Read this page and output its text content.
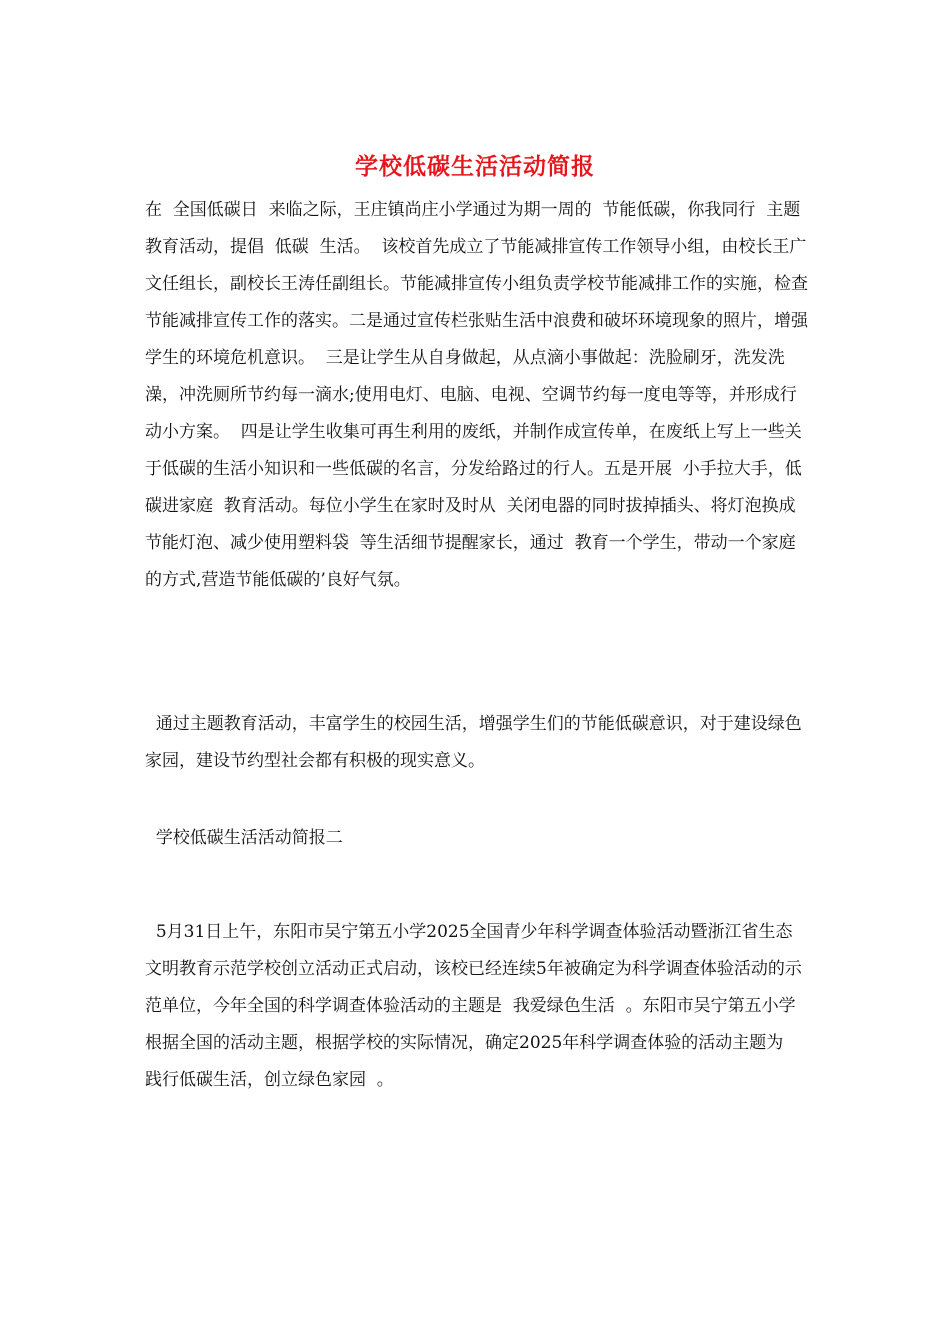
学校低碳生活活动简报

在  全国低碳日  来临之际，王庄镇尚庄小学通过为期一周的  节能低碳，你我同行  主题教育活动，提倡  低碳  生活。  该校首先成立了节能减排宣传工作领导小组，由校长王广文任组长，副校长王涛任副组长。节能减排宣传小组负责学校节能减排工作的实施，检查节能减排宣传工作的落实。二是通过宣传栏张贴生活中浪费和破坏环境现象的照片，增强学生的环境危机意识。  三是让学生从自身做起，从点滴小事做起：洗脸刷牙，洗发洗澡，冲洗厕所节约每一滴水;使用电灯、电脑、电视、空调节约每一度电等等，并形成行动小方案。  四是让学生收集可再生利用的废纸，并制作成宣传单，在废纸上写上一些关于低碳的生活小知识和一些低碳的名言，分发给路过的行人。五是开展  小手拉大手，低碳进家庭  教育活动。每位小学生在家时及时从  关闭电器的同时拔掉插头、将灯泡换成节能灯泡、减少使用塑料袋  等生活细节提醒家长，通过  教育一个学生，带动一个家庭  的方式,营造节能低碳的’良好气氛。

通过主题教育活动，丰富学生的校园生活，增强学生们的节能低碳意识，对于建设绿色家园，建设节约型社会都有积极的现实意义。

学校低碳生活活动简报二

5月31日上午，东阳市吴宁第五小学2025全国青少年科学调查体验活动暨浙江省生态文明教育示范学校创立活动正式启动，该校已经连续5年被确定为科学调查体验活动的示范单位，今年全国的科学调查体验活动的主题是  我爱绿色生活  。东阳市吴宁第五小学根据全国的活动主题，根据学校的实际情况，确定2025年科学调查体验的活动主题为  践行低碳生活，创立绿色家园  。
